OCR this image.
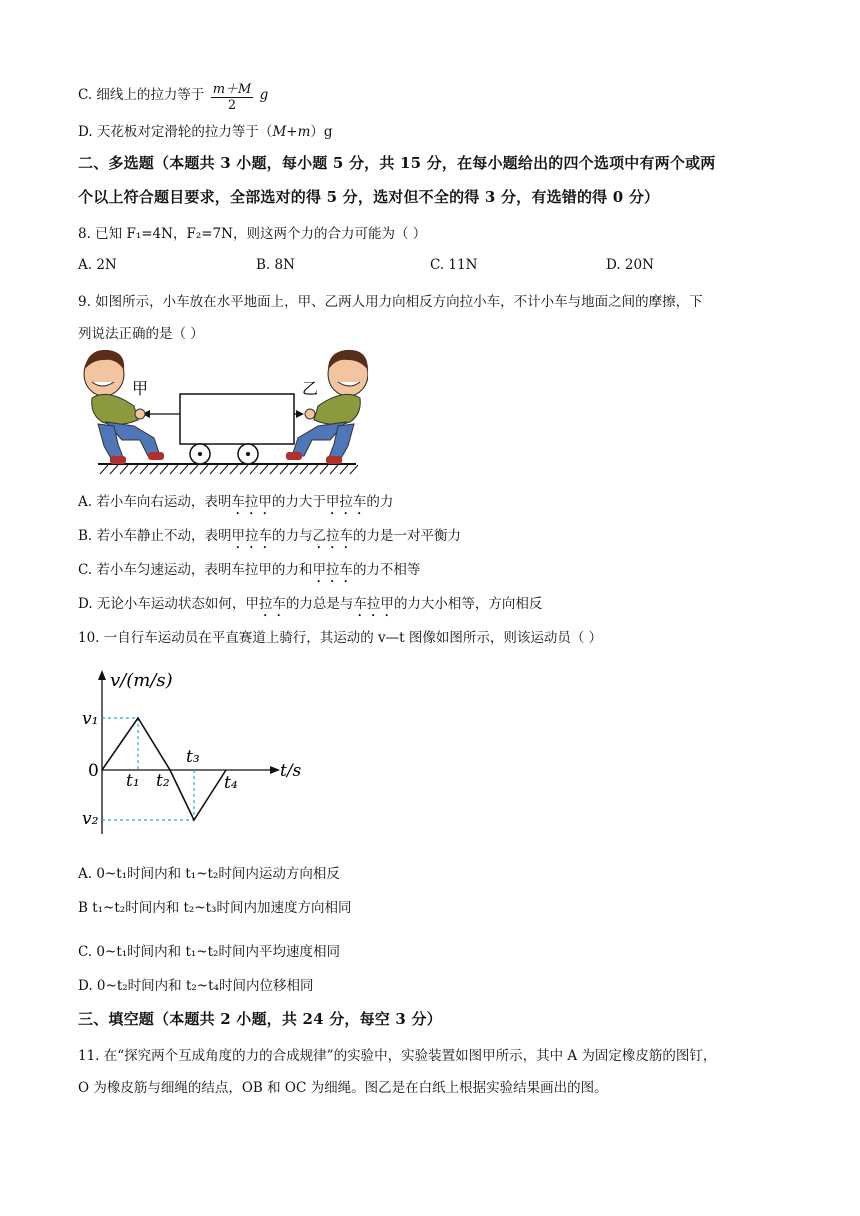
C. 细线上的拉力等于 $\frac{m+M}{2}$ g
D. 天花板对定滑轮的拉力等于（M+m）g
二、多选题（本题共 3 小题，每小题 5 分，共 15 分，在每小题给出的四个选项中有两个或两
个以上符合题目要求，全部选对的得 5 分，选对但不全的得 3 分，有选错的得 0 分）
8. 已知 F₁=4N，F₂=7N，则这两个力的合力可能为（ ）
A. 2N	B. 8N	C. 11N	D. 20N
9. 如图所示，小车放在水平地面上，甲、乙两人用力向相反方向拉小车，不计小车与地面之间的摩擦，下
列说法正确的是（ ）
甲	乙
A. 若小车向右运动，表明车拉甲的力大于甲拉车的力
B. 若小车静止不动，表明甲拉车的力与乙拉车的力是一对平衡力
C. 若小车匀速运动，表明车拉甲的力和甲拉车的力不相等
D. 无论小车运动状态如何，甲拉车的力总是与车拉甲的力大小相等，方向相反
10. 一自行车运动员在平直赛道上骑行，其运动的 v—t 图像如图所示，则该运动员（ ）
v/(m/s)
t/s
0
v₁
v₂
t₁ t₂
t₃
t₄
A. 0~t₁时间内和 t₁~t₂时间内运动方向相反
B t₁~t₂时间内和 t₂~t₃时间内加速度方向相同
C. 0~t₁时间内和 t₁~t₂时间内平均速度相同
D. 0~t₂时间内和 t₂~t₄时间内位移相同
三、填空题（本题共 2 小题，共 24 分，每空 3 分）
11. 在“探究两个互成角度的力的合成规律”的实验中，实验装置如图甲所示，其中 A 为固定橡皮筋的图钉，
O 为橡皮筋与细绳的结点，OB 和 OC 为细绳。图乙是在白纸上根据实验结果画出的图。
